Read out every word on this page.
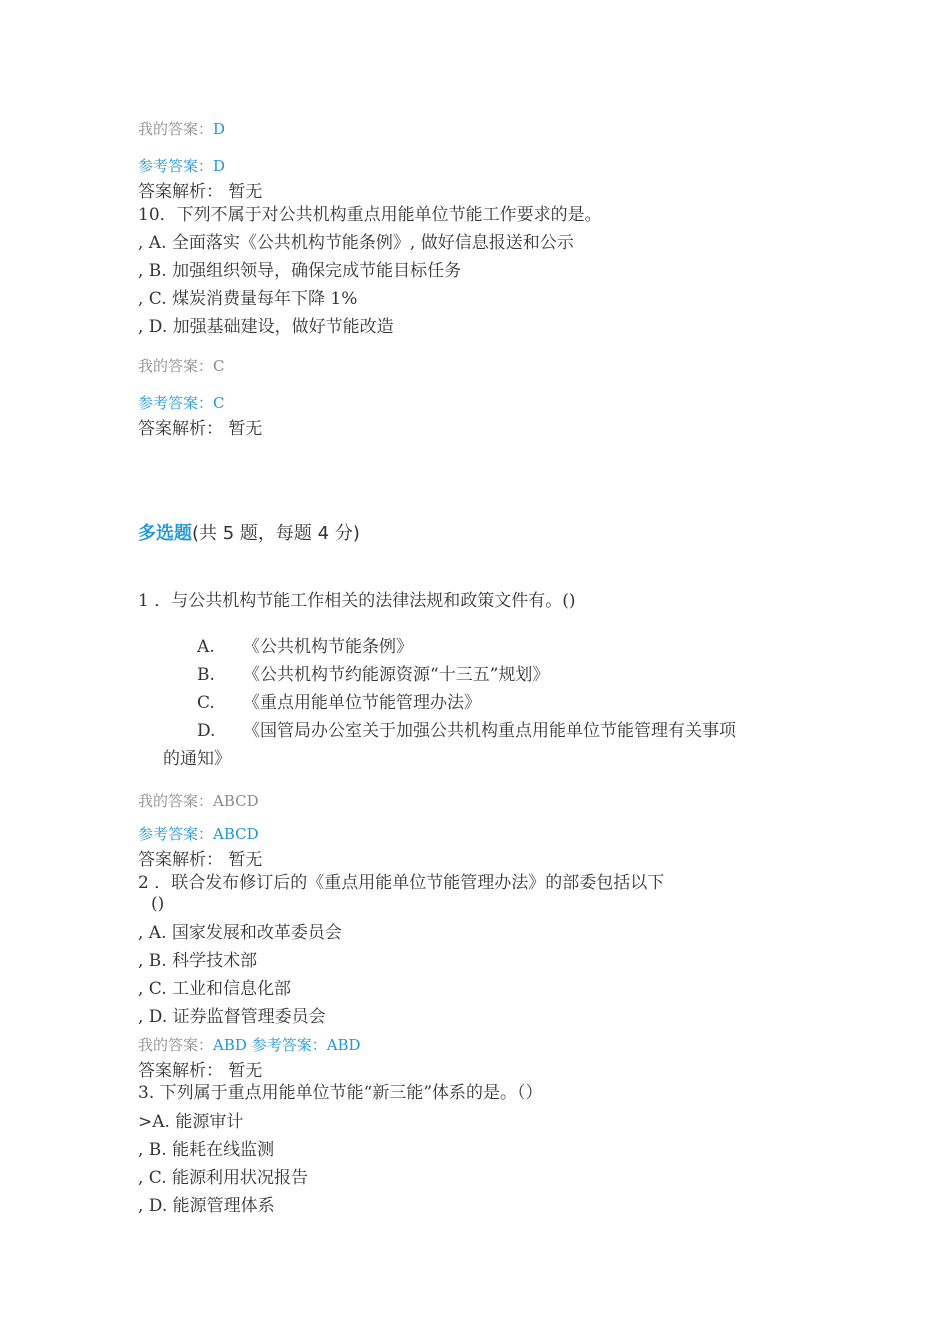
我的答案：D
参考答案：D
答案解析： 暂无
10．下列不属于对公共机构重点用能单位节能工作要求的是。
, A. 全面落实《公共机构节能条例》, 做好信息报送和公示
, B. 加强组织领导，确保完成节能目标任务
, C. 煤炭消费量每年下降 1%
, D. 加强基础建设，做好节能改造
我的答案：C
参考答案：C
答案解析： 暂无
多选题(共 5 题，每题 4 分)
1 ．与公共机构节能工作相关的法律法规和政策文件有。()
A. 《公共机构节能条例》
B. 《公共机构节约能源资源“十三五”规划》
C. 《重点用能单位节能管理办法》
D. 《国管局办公室关于加强公共机构重点用能单位节能管理有关事项
的通知》
我的答案：ABCD
参考答案：ABCD
答案解析： 暂无
2 ．联合发布修订后的《重点用能单位节能管理办法》的部委包括以下
()
, A. 国家发展和改革委员会
, B. 科学技术部
, C. 工业和信息化部
, D. 证券监督管理委员会
我的答案：ABD 参考答案：ABD
答案解析： 暂无
3. 下列属于重点用能单位节能“新三能”体系的是。（）
>A. 能源审计
, B. 能耗在线监测
, C. 能源利用状况报告
, D. 能源管理体系
